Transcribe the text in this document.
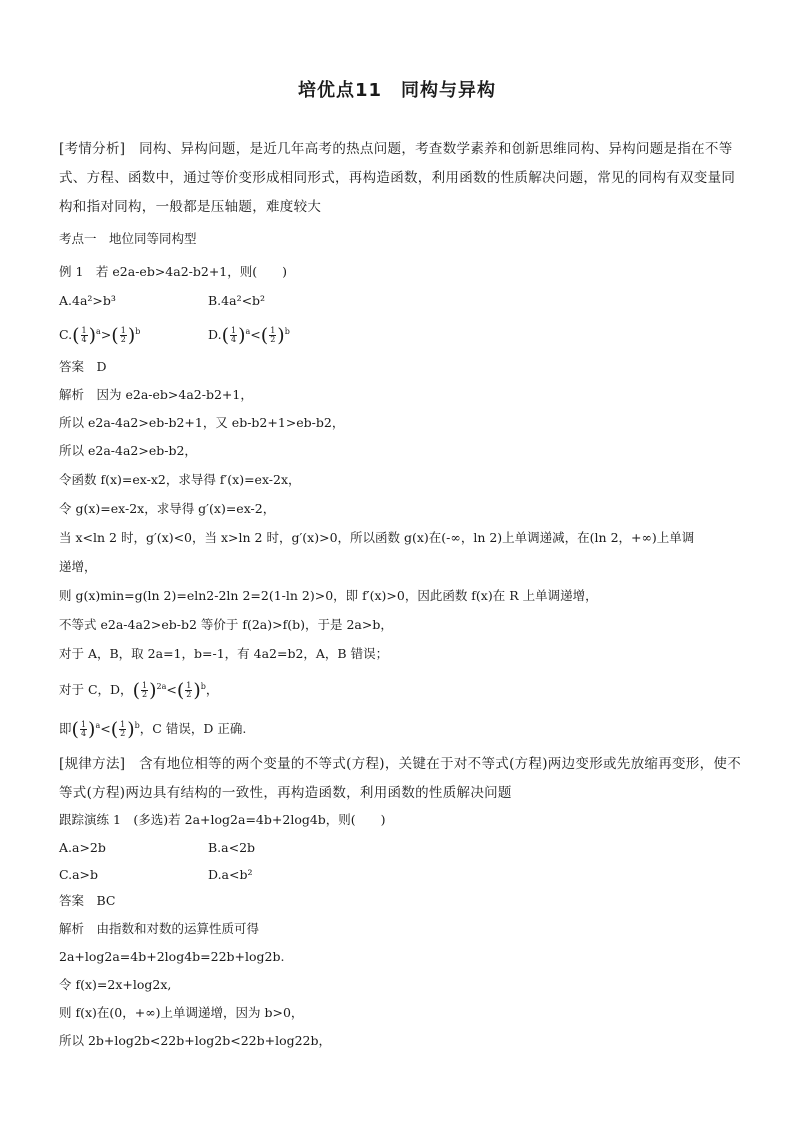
培优点11　同构与异构
[考情分析]　同构、异构问题，是近几年高考的热点问题，考查数学素养和创新思维同构、异构问题是指在不等式、方程、函数中，通过等价变形成相同形式，再构造函数，利用函数的性质解决问题，常见的同构有双变量同构和指对同构，一般都是压轴题，难度较大
考点一　地位同等同构型
例 1　若 e2a-eb>4a2-b2+1，则(　　)
A.4a²>b³	B.4a²<b²
$C.( \frac{1}{4} )^a>( \frac{1}{2} )^b$	$D.( \frac{1}{4} )^a<( \frac{1}{2} )^b$
答案　D
解析　因为 e2a-eb>4a2-b2+1，
所以 e2a-4a2>eb-b2+1，又 eb-b2+1>eb-b2，
所以 e2a-4a2>eb-b2，
令函数 f(x)=ex-x2，求导得 f′(x)=ex-2x，
令 g(x)=ex-2x，求导得 g′(x)=ex-2，
当 x<ln 2 时，g′(x)<0，当 x>ln 2 时，g′(x)>0，所以函数 g(x)在(-∞，ln 2)上单调递减，在(ln 2，+∞)上单调
递增，
则 g(x)min=g(ln 2)=eln2-2ln 2=2(1-ln 2)>0，即 f′(x)>0，因此函数 f(x)在 R 上单调递增，
不等式 e2a-4a2>eb-b2 等价于 f(2a)>f(b)，于是 2a>b，
对于 A，B，取 2a=1，b=-1，有 4a2=b2，A，B 错误；
对于 C，D，( $\frac{1}{2} )^{2a}<( \frac{1}{2} )^b$，
即( $\frac{1}{4} )^a<( \frac{1}{2} )^b$，C 错误，D 正确.
[规律方法]　含有地位相等的两个变量的不等式(方程)，关键在于对不等式(方程)两边变形或先放缩再变形，使不等式(方程)两边具有结构的一致性，再构造函数，利用函数的性质解决问题
跟踪演练 1　(多选)若 2a+log2a=4b+2log4b，则(　　)
A.a>2b	B.a<2b
C.a>b	D.a<b²
答案　BC
解析　由指数和对数的运算性质可得
2a+log2a=4b+2log4b=22b+log2b.
令 f(x)=2x+log2x,
则 f(x)在(0，+∞)上单调递增，因为 b>0，
所以 2b+log2b<22b+log2b<22b+log22b，
